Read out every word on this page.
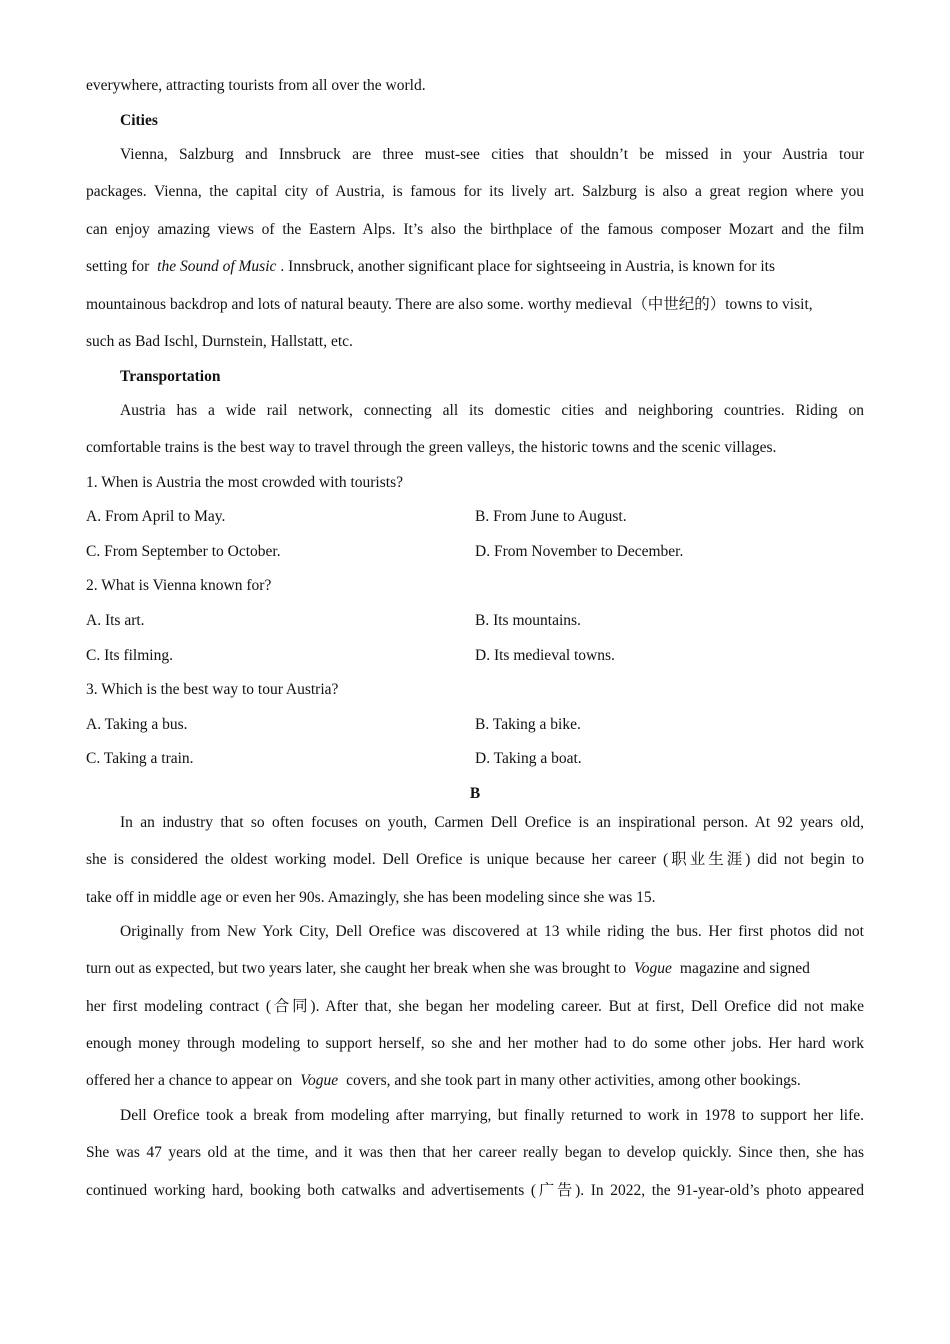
everywhere, attracting tourists from all over the world.
Cities
Vienna, Salzburg and Innsbruck are three must-see cities that shouldn’t be missed in your Austria tour
packages. Vienna, the capital city of Austria, is famous for its lively art. Salzburg is also a great region where you
can enjoy amazing views of the Eastern Alps. It’s also the birthplace of the famous composer Mozart and the film
setting for the Sound of Music . Innsbruck, another significant place for sightseeing in Austria, is known for its
mountainous backdrop and lots of natural beauty. There are also some. worthy medieval（中世纪的）towns to visit,
such as Bad Ischl, Durnstein, Hallstatt, etc.
Transportation
Austria has a wide rail network, connecting all its domestic cities and neighboring countries. Riding on
comfortable trains is the best way to travel through the green valleys, the historic towns and the scenic villages.
1. When is Austria the most crowded with tourists?
A. From April to May.	B. From June to August.
C. From September to October.	D. From November to December.
2. What is Vienna known for?
A. Its art.	B. Its mountains.
C. Its filming.	D. Its medieval towns.
3. Which is the best way to tour Austria?
A. Taking a bus.	B. Taking a bike.
C. Taking a train.	D. Taking a boat.
B
In an industry that so often focuses on youth, Carmen Dell Orefice is an inspirational person. At 92 years old,
she is considered the oldest working model. Dell Orefice is unique because her career (职业生涯) did not begin to
take off in middle age or even her 90s. Amazingly, she has been modeling since she was 15.
Originally from New York City, Dell Orefice was discovered at 13 while riding the bus. Her first photos did not
turn out as expected, but two years later, she caught her break when she was brought to Vogue magazine and signed
her first modeling contract (合同). After that, she began her modeling career. But at first, Dell Orefice did not make
enough money through modeling to support herself, so she and her mother had to do some other jobs. Her hard work
offered her a chance to appear on Vogue covers, and she took part in many other activities, among other bookings.
Dell Orefice took a break from modeling after marrying, but finally returned to work in 1978 to support her life.
She was 47 years old at the time, and it was then that her career really began to develop quickly. Since then, she has
continued working hard, booking both catwalks and advertisements (广告). In 2022, the 91-year-old’s photo appeared
